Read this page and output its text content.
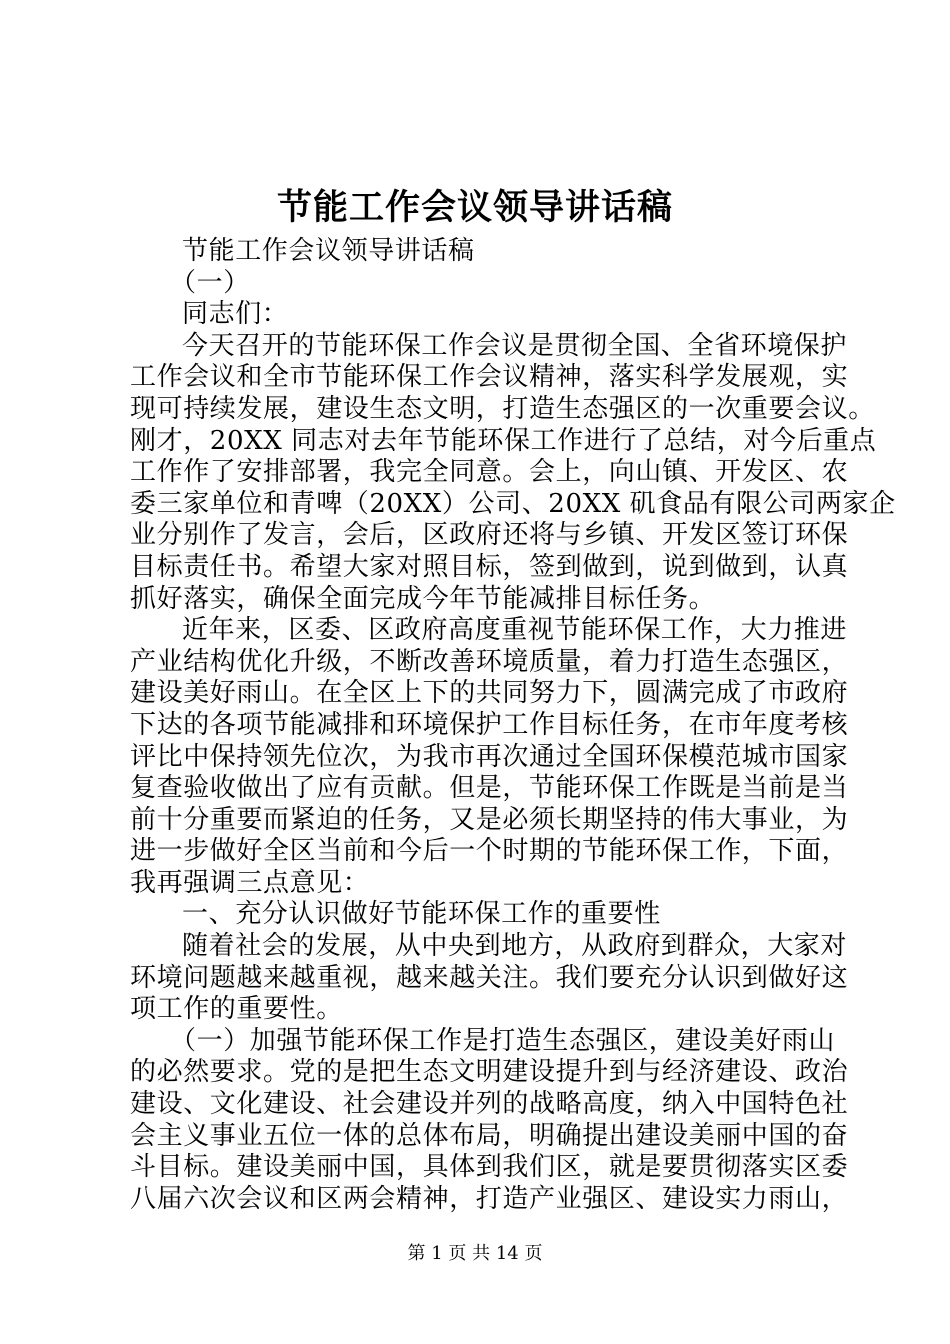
节能工作会议领导讲话稿
节能工作会议领导讲话稿
（一）
同志们：
今天召开的节能环保工作会议是贯彻全国、全省环境保护
工作会议和全市节能环保工作会议精神，落实科学发展观，实
现可持续发展，建设生态文明，打造生态强区的一次重要会议。
刚才，20XX 同志对去年节能环保工作进行了总结，对今后重点
工作作了安排部署，我完全同意。会上，向山镇、开发区、农
委三家单位和青啤（20XX）公司、20XX 矶食品有限公司两家企
业分别作了发言，会后，区政府还将与乡镇、开发区签订环保
目标责任书。希望大家对照目标，签到做到，说到做到，认真
抓好落实，确保全面完成今年节能减排目标任务。
近年来，区委、区政府高度重视节能环保工作，大力推进
产业结构优化升级，不断改善环境质量，着力打造生态强区，
建设美好雨山。在全区上下的共同努力下，圆满完成了市政府
下达的各项节能减排和环境保护工作目标任务，在市年度考核
评比中保持领先位次，为我市再次通过全国环保模范城市国家
复查验收做出了应有贡献。但是，节能环保工作既是当前是当
前十分重要而紧迫的任务，又是必须长期坚持的伟大事业，为
进一步做好全区当前和今后一个时期的节能环保工作，下面，
我再强调三点意见：
一、充分认识做好节能环保工作的重要性
随着社会的发展，从中央到地方，从政府到群众，大家对
环境问题越来越重视，越来越关注。我们要充分认识到做好这
项工作的重要性。
（一）加强节能环保工作是打造生态强区，建设美好雨山
的必然要求。党的是把生态文明建设提升到与经济建设、政治
建设、文化建设、社会建设并列的战略高度，纳入中国特色社
会主义事业五位一体的总体布局，明确提出建设美丽中国的奋
斗目标。建设美丽中国，具体到我们区，就是要贯彻落实区委
八届六次会议和区两会精神，打造产业强区、建设实力雨山，
第 1 页 共 14 页
